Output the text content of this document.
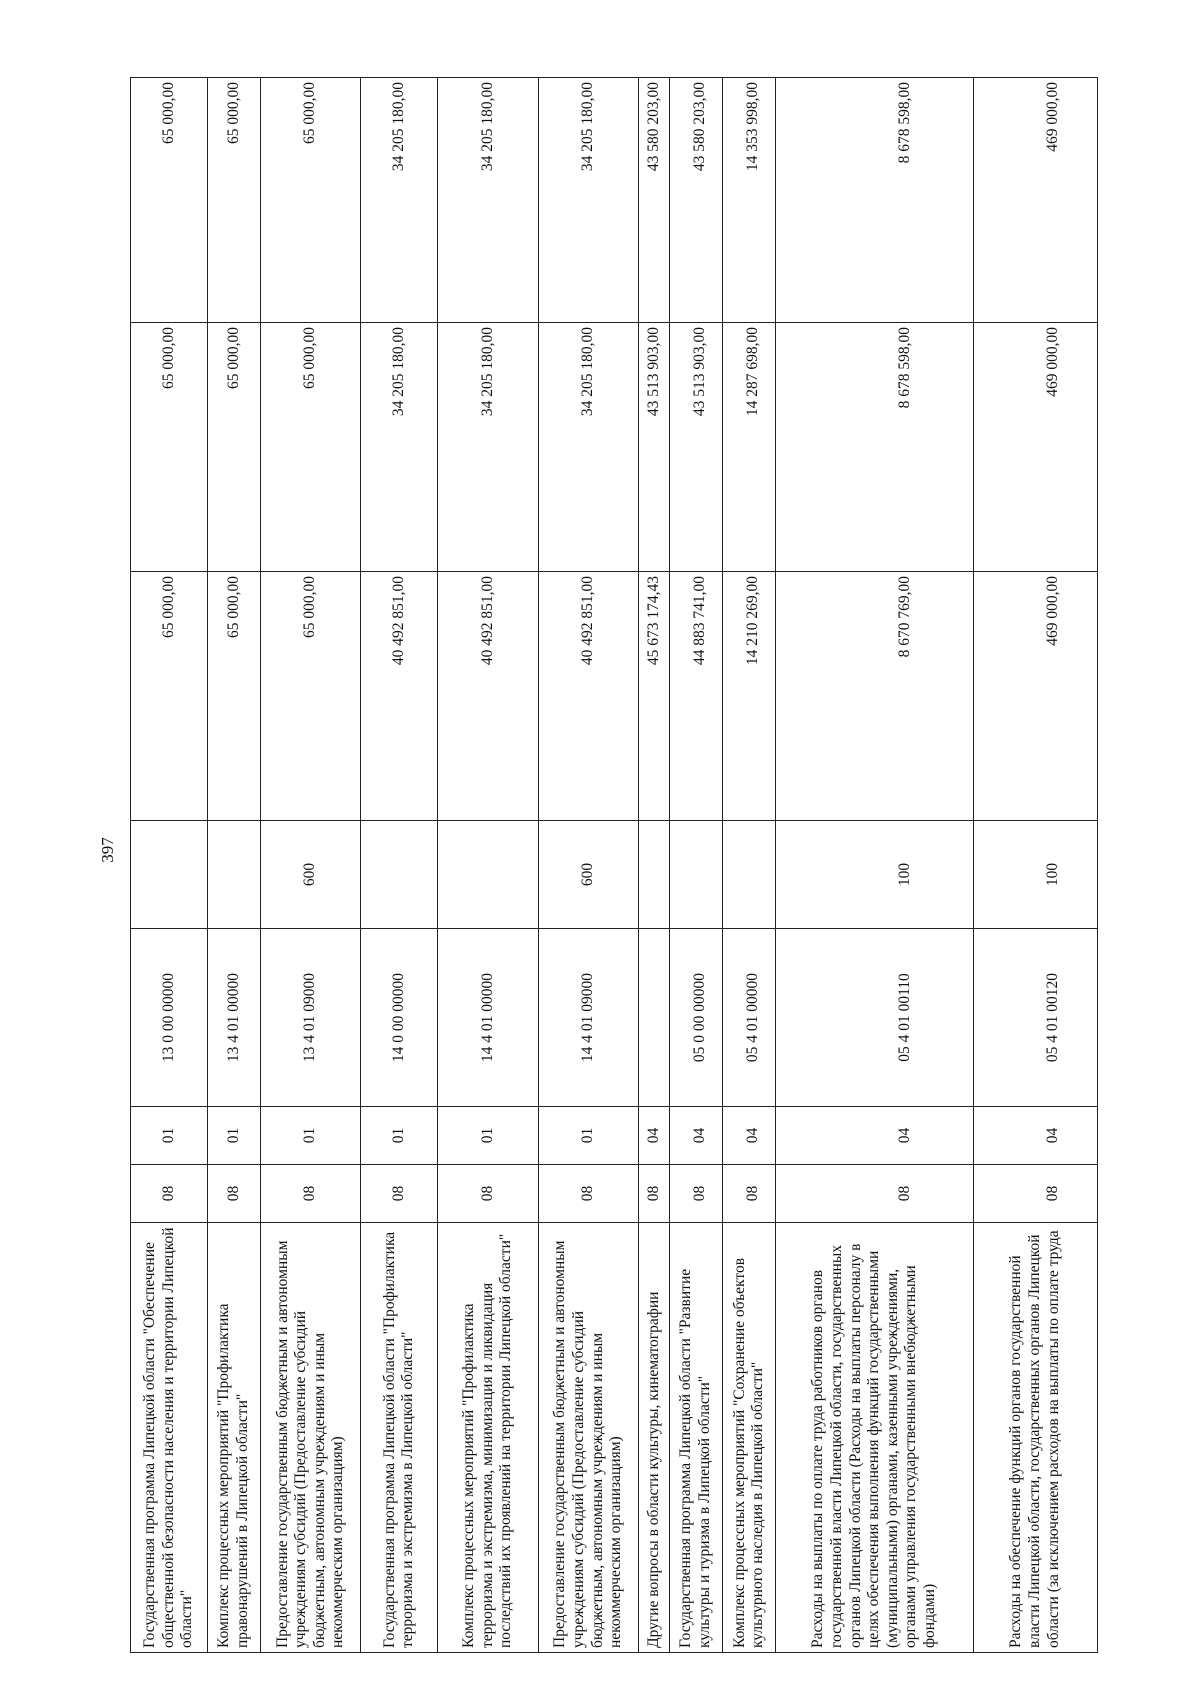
397
Государственная программа Липецкой области "Обеспечение общественной безопасности населения и территории Липецкой области"	08	01	13 0 00 00000		65 000,00	65 000,00	65 000,00
Комплекс процессных мероприятий "Профилактика правонарушений в Липецкой области"	08	01	13 4 01 00000		65 000,00	65 000,00	65 000,00
Предоставление государственным бюджетным и автономным учреждениям субсидий (Предоставление субсидий бюджетным, автономным учреждениям и иным некоммерческим организациям)	08	01	13 4 01 09000	600	65 000,00	65 000,00	65 000,00
Государственная программа Липецкой области "Профилактика терроризма и экстремизма в Липецкой области"	08	01	14 0 00 00000		40 492 851,00	34 205 180,00	34 205 180,00
Комплекс процессных мероприятий "Профилактика терроризма и экстремизма, минимизация и ликвидация последствий их проявлений на территории Липецкой области"	08	01	14 4 01 00000		40 492 851,00	34 205 180,00	34 205 180,00
Предоставление государственным бюджетным и автономным учреждениям субсидий (Предоставление субсидий бюджетным, автономным учреждениям и иным некоммерческим организациям)	08	01	14 4 01 09000	600	40 492 851,00	34 205 180,00	34 205 180,00
Другие вопросы в области культуры, кинематографии	08	04			45 673 174,43	43 513 903,00	43 580 203,00
Государственная программа Липецкой области "Развитие культуры и туризма в Липецкой области"	08	04	05 0 00 00000		44 883 741,00	43 513 903,00	43 580 203,00
Комплекс процессных мероприятий "Сохранение объектов культурного наследия в Липецкой области"	08	04	05 4 01 00000		14 210 269,00	14 287 698,00	14 353 998,00
Расходы на выплаты по оплате труда работников органов государственной власти Липецкой области, государственных органов Липецкой области (Расходы на выплаты персоналу в целях обеспечения выполнения функций государственными (муниципальными) органами, казенными учреждениями, органами управления государственными внебюджетными фондами)	08	04	05 4 01 00110	100	8 670 769,00	8 678 598,00	8 678 598,00
Расходы на обеспечение функций органов государственной власти Липецкой области, государственных органов Липецкой области (за исключением расходов на выплаты по оплате труда	08	04	05 4 01 00120	100	469 000,00	469 000,00	469 000,00
